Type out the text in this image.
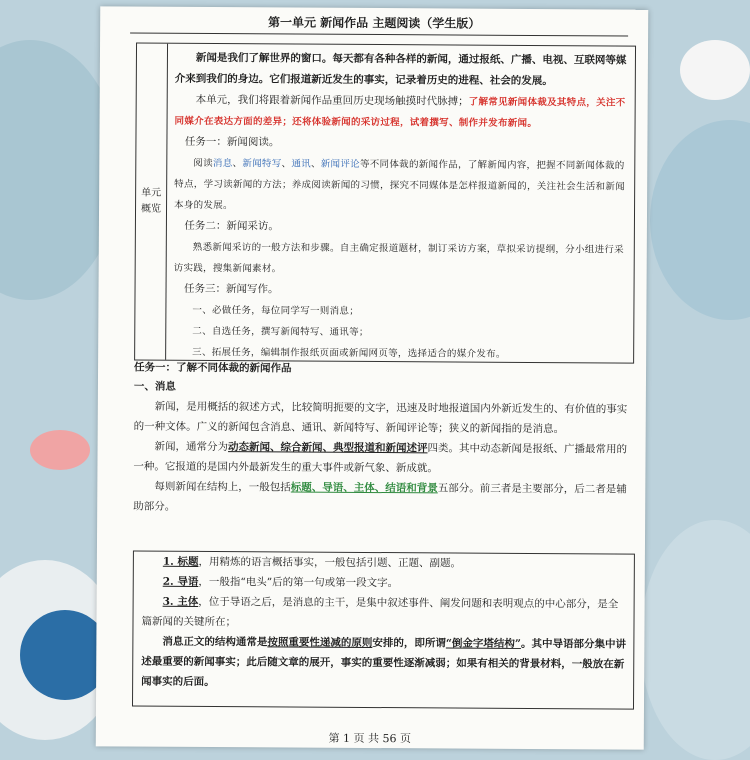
第一单元 新闻作品 主题阅读（学生版）
单元概览

新闻是我们了解世界的窗口。每天都有各种各样的新闻，通过报纸、广播、电视、互联网等媒介来到我们的身边。它们报道新近发生的事实，记录着历史的进程、社会的发展。

本单元，我们将跟着新闻作品重回历史现场触摸时代脉搏；了解常见新闻体裁及其特点，关注不同媒介在表达方面的差异；还将体验新闻的采访过程，试着撰写、制作并发布新闻。

任务一：新闻阅读。

阅读消息、新闻特写、通讯、新闻评论等不同体裁的新闻作品，了解新闻内容，把握不同新闻体裁的特点，学习读新闻的方法；养成阅读新闻的习惯，探究不同媒体是怎样报道新闻的，关注社会生活和新闻本身的发展。

任务二：新闻采访。

熟悉新闻采访的一般方法和步骤。自主确定报道题材，制订采访方案，草拟采访提纲，分小组进行采访实践，搜集新闻素材。

任务三：新闻写作。

一、必做任务，每位同学写一则消息；

二、自选任务，撰写新闻特写、通讯等；

三、拓展任务，编辑制作报纸页面或新闻网页等，选择适合的媒介发布。

任务一：了解不同体裁的新闻作品

一、消息

新闻，是用概括的叙述方式，比较简明扼要的文字，迅速及时地报道国内外新近发生的、有价值的事实的一种文体。广义的新闻包含消息、通讯、新闻特写、新闻评论等；狭义的新闻指的是消息。

新闻，通常分为动态新闻、综合新闻、典型报道和新闻述评四类。其中动态新闻是报纸、广播最常用的一种。它报道的是国内外最新发生的重大事件或新气象、新成就。

每则新闻在结构上，一般包括标题、导语、主体、结语和背景五部分。前三者是主要部分，后二者是辅助部分。

1. 标题，用精炼的语言概括事实，一般包括引题、正题、副题。

2. 导语，一般指“电头”后的第一句或第一段文字。

3. 主体，位于导语之后，是消息的主干，是集中叙述事件、阐发问题和表明观点的中心部分，是全篇新闻的关键所在；

消息正文的结构通常是按照重要性递减的原则安排的，即所谓“倒金字塔结构”。其中导语部分集中讲述最重要的新闻事实；此后随文章的展开，事实的重要性逐渐减弱；如果有相关的背景材料，一般放在新闻事实的后面。

第 1 页 共 56 页
